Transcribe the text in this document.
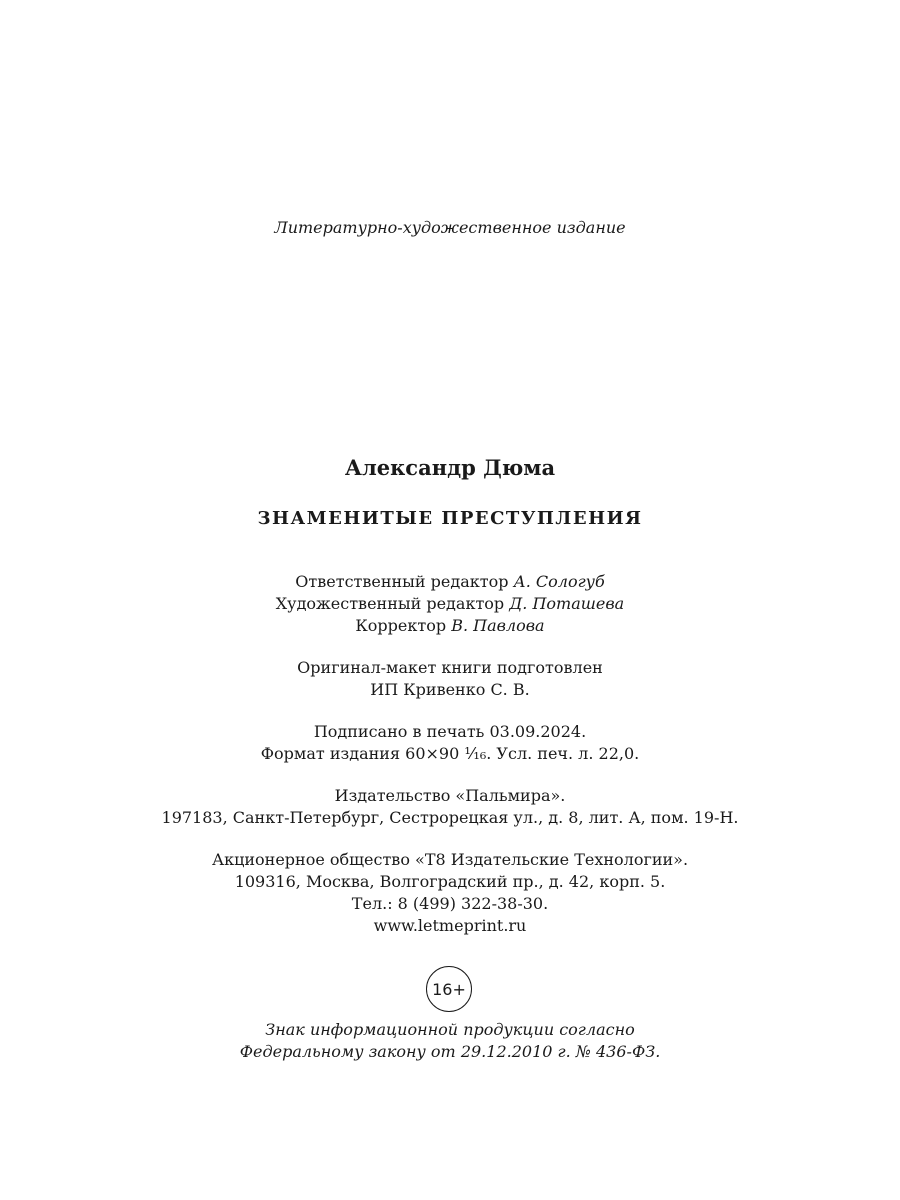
Литературно-художественное издание
Александр Дюма
ЗНАМЕНИТЫЕ ПРЕСТУПЛЕНИЯ
Ответственный редактор А. Сологуб
Художественный редактор Д. Поташева
Корректор В. Павлова
Оригинал-макет книги подготовлен
ИП Кривенко С. В.
Подписано в печать 03.09.2024.
Формат издания 60×90 ¹⁄₁₆. Усл. печ. л. 22,0.
Издательство «Пальмира».
197183, Санкт-Петербург, Сестрорецкая ул., д. 8, лит. А, пом. 19-Н.
Акционерное общество «Т8 Издательские Технологии».
109316, Москва, Волгоградский пр., д. 42, корп. 5.
Тел.: 8 (499) 322-38-30.
www.letmeprint.ru
16+
Знак информационной продукции согласно
Федеральному закону от 29.12.2010 г. № 436-ФЗ.
